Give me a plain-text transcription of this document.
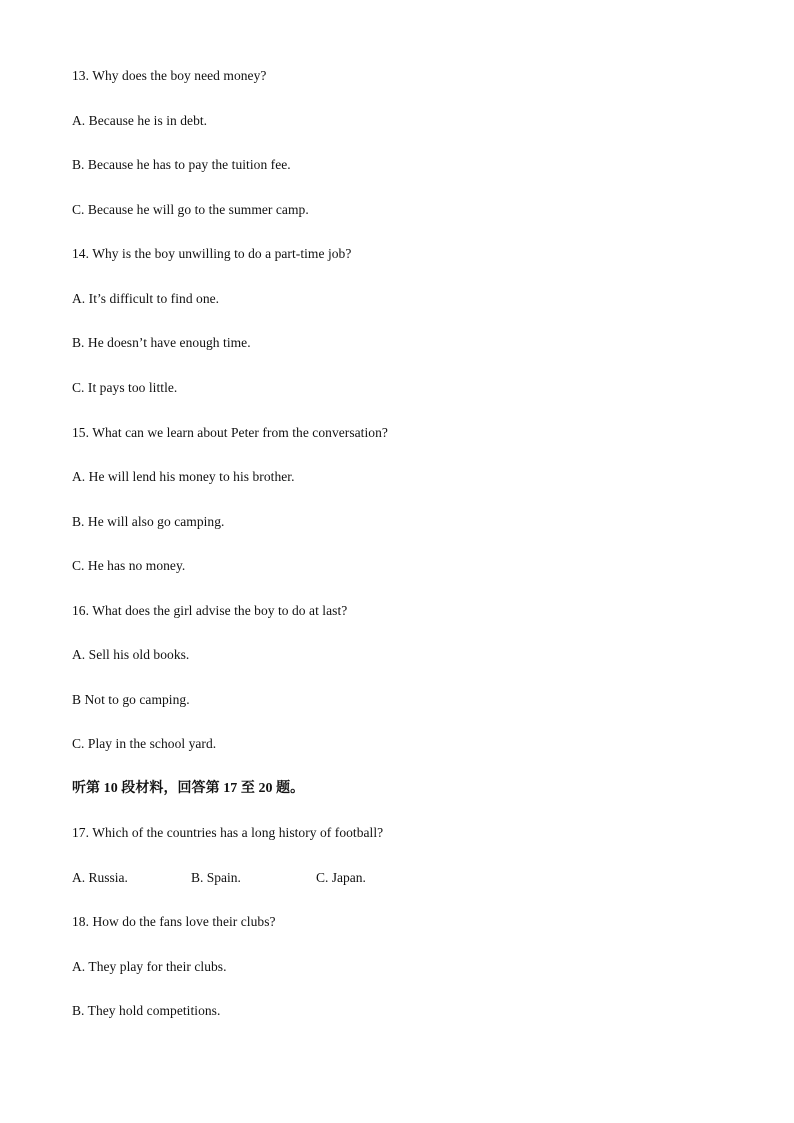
13. Why does the boy need money?
A. Because he is in debt.
B. Because he has to pay the tuition fee.
C. Because he will go to the summer camp.
14. Why is the boy unwilling to do a part-time job?
A. It’s difficult to find one.
B. He doesn’t have enough time.
C. It pays too little.
15. What can we learn about Peter from the conversation?
A. He will lend his money to his brother.
B. He will also go camping.
C. He has no money.
16. What does the girl advise the boy to do at last?
A. Sell his old books.
B Not to go camping.
C. Play in the school yard.
听第 10 段材料，回答第 17 至 20 题。
17. Which of the countries has a long history of football?
A. Russia.	B. Spain.	C. Japan.
18. How do the fans love their clubs?
A. They play for their clubs.
B. They hold competitions.
